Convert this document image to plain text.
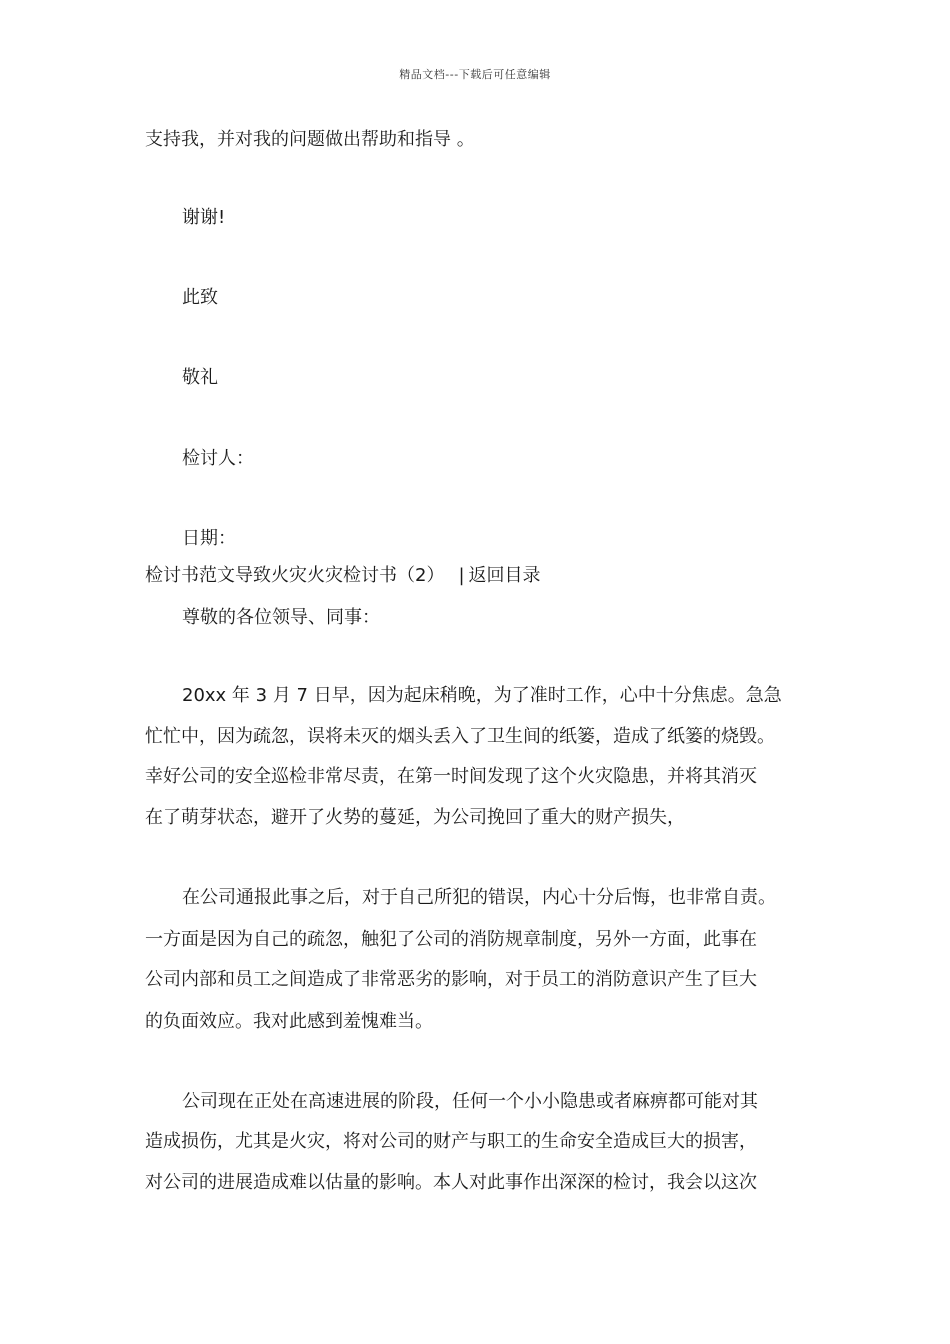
精品文档---下载后可任意编辑
支持我，并对我的问题做出帮助和指导 。
谢谢!
此致
敬礼
检讨人：
日期：
检讨书范文导致火灾火灾检讨书（2） | 返回目录
尊敬的各位领导、同事：
20xx 年 3 月 7 日早，因为起床稍晚，为了准时工作，心中十分焦虑。急急
忙忙中，因为疏忽，误将未灭的烟头丢入了卫生间的纸篓，造成了纸篓的烧毁。
幸好公司的安全巡检非常尽责，在第一时间发现了这个火灾隐患，并将其消灭
在了萌芽状态，避开了火势的蔓延，为公司挽回了重大的财产损失，
在公司通报此事之后，对于自己所犯的错误，内心十分后悔，也非常自责。
一方面是因为自己的疏忽，触犯了公司的消防规章制度，另外一方面，此事在
公司内部和员工之间造成了非常恶劣的影响，对于员工的消防意识产生了巨大
的负面效应。我对此感到羞愧难当。
公司现在正处在高速进展的阶段，任何一个小小隐患或者麻痹都可能对其
造成损伤，尤其是火灾，将对公司的财产与职工的生命安全造成巨大的损害，
对公司的进展造成难以估量的影响。本人对此事作出深深的检讨，我会以这次
